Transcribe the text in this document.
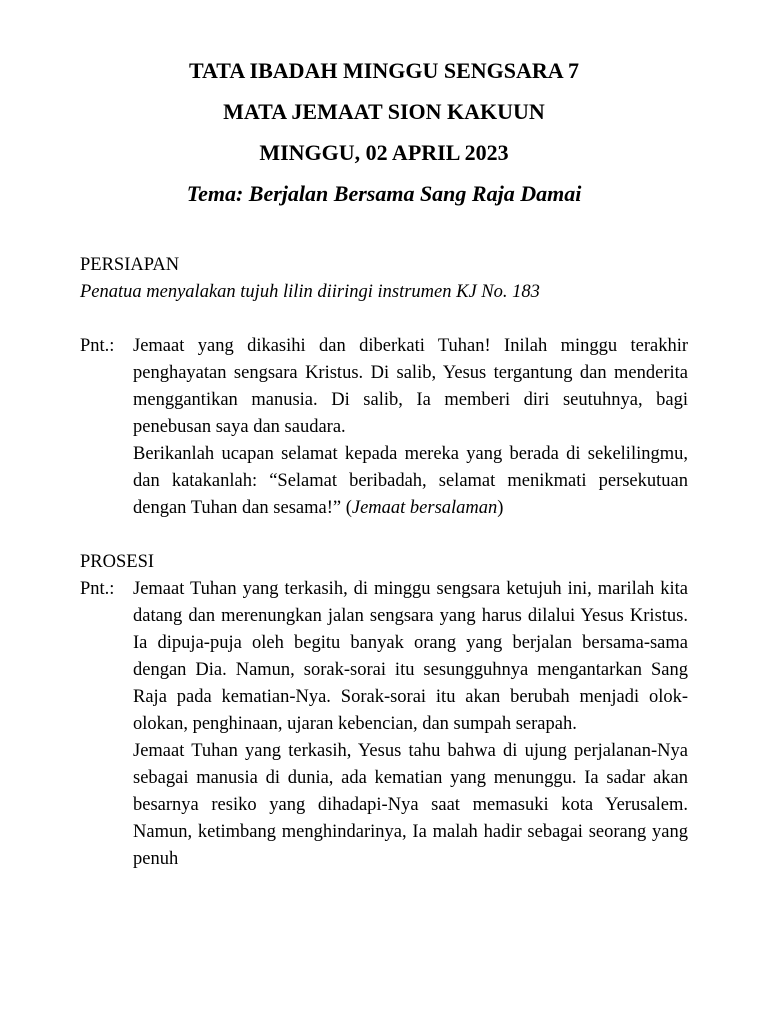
TATA IBADAH MINGGU SENGSARA 7
MATA JEMAAT SION KAKUUN
MINGGU, 02 APRIL 2023
Tema: Berjalan Bersama Sang Raja Damai
PERSIAPAN
Penatua menyalakan tujuh lilin diiringi instrumen KJ No. 183
Pnt.:	Jemaat yang dikasihi dan diberkati Tuhan! Inilah minggu terakhir penghayatan sengsara Kristus. Di salib, Yesus tergantung dan menderita menggantikan manusia. Di salib, Ia memberi diri seutuhnya, bagi penebusan saya dan saudara.

Berikanlah ucapan selamat kepada mereka yang berada di sekelilingmu, dan katakanlah: “Selamat beribadah, selamat menikmati persekutuan dengan Tuhan dan sesama!” (Jemaat bersalaman)

PROSESI
Pnt.:	Jemaat Tuhan yang terkasih, di minggu sengsara ketujuh ini, marilah kita datang dan merenungkan jalan sengsara yang harus dilalui Yesus Kristus. Ia dipuja-puja oleh begitu banyak orang yang berjalan bersama-sama dengan Dia. Namun, sorak-sorai itu sesungguhnya mengantarkan Sang Raja pada kematian-Nya. Sorak-sorai itu akan berubah menjadi olok-olokan, penghinaan, ujaran kebencian, dan sumpah serapah.

Jemaat Tuhan yang terkasih, Yesus tahu bahwa di ujung perjalanan-Nya sebagai manusia di dunia, ada kematian yang menunggu. Ia sadar akan besarnya resiko yang dihadapi-Nya saat memasuki kota Yerusalem. Namun, ketimbang menghindarinya, Ia malah hadir sebagai seorang yang penuh
